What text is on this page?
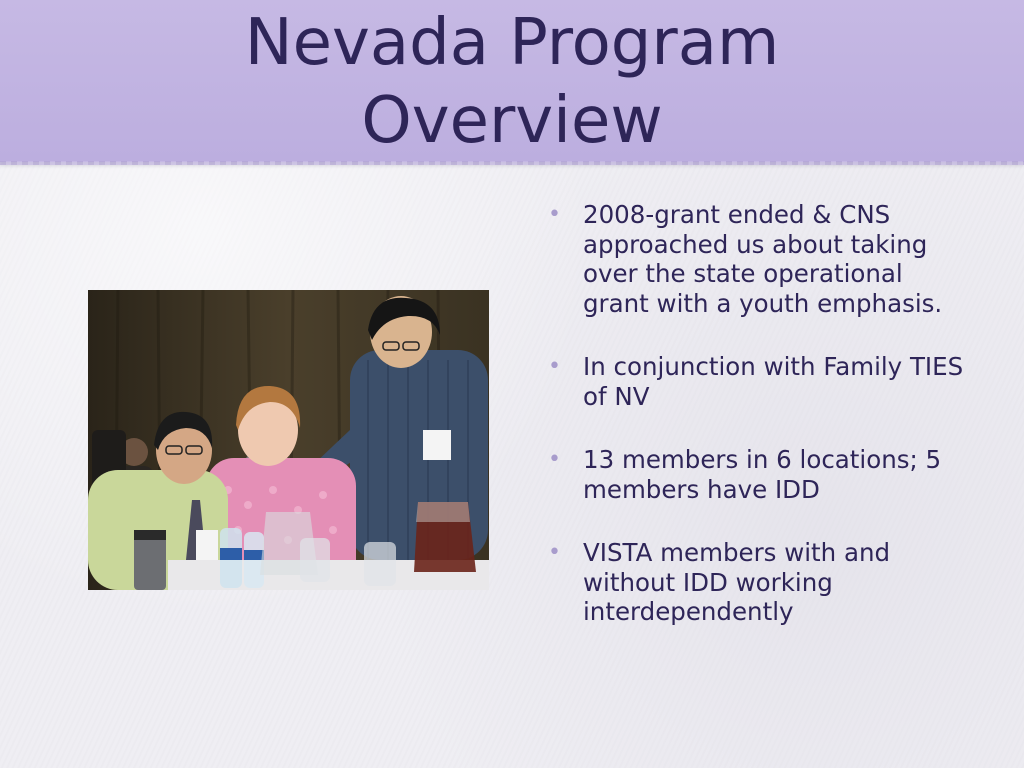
Nevada Program
Overview
• 2008-grant ended & CNS approached us about taking over the state operational grant with a youth emphasis.
• In conjunction with Family TIES of NV
• 13 members in 6 locations; 5 members have IDD
• VISTA members with and without IDD working interdependently
